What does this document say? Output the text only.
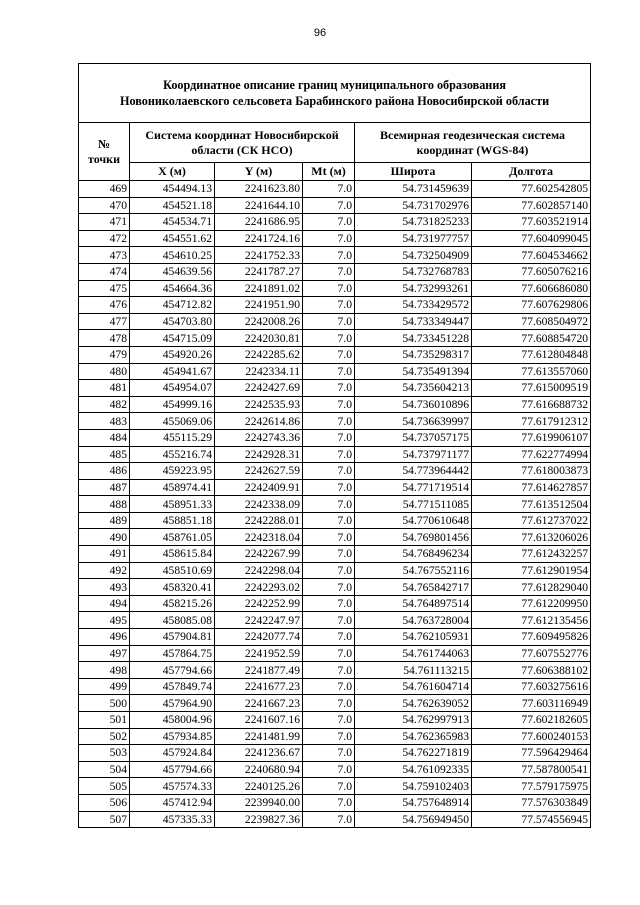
96
Координатное описание границ муниципального образования
Новониколаевского сельсовета Барабинского района Новосибирской области					

№ точки	Система координат Новосибирской области (СК НСО)			Всемирная геодезическая система координат (WGS-84)	
	X (м)	Y (м)	Mt (м)	Широта	Долгота
469	454494.13	2241623.80	7.0	54.731459639	77.602542805
470	454521.18	2241644.10	7.0	54.731702976	77.602857140
471	454534.71	2241686.95	7.0	54.731825233	77.603521914
472	454551.62	2241724.16	7.0	54.731977757	77.604099045
473	454610.25	2241752.33	7.0	54.732504909	77.604534662
474	454639.56	2241787.27	7.0	54.732768783	77.605076216
475	454664.36	2241891.02	7.0	54.732993261	77.606686080
476	454712.82	2241951.90	7.0	54.733429572	77.607629806
477	454703.80	2242008.26	7.0	54.733349447	77.608504972
478	454715.09	2242030.81	7.0	54.733451228	77.608854720
479	454920.26	2242285.62	7.0	54.735298317	77.612804848
480	454941.67	2242334.11	7.0	54.735491394	77.613557060
481	454954.07	2242427.69	7.0	54.735604213	77.615009519
482	454999.16	2242535.93	7.0	54.736010896	77.616688732
483	455069.06	2242614.86	7.0	54.736639997	77.617912312
484	455115.29	2242743.36	7.0	54.737057175	77.619906107
485	455216.74	2242928.31	7.0	54.737971177	77.622774994
486	459223.95	2242627.59	7.0	54.773964442	77.618003873
487	458974.41	2242409.91	7.0	54.771719514	77.614627857
488	458951.33	2242338.09	7.0	54.771511085	77.613512504
489	458851.18	2242288.01	7.0	54.770610648	77.612737022
490	458761.05	2242318.04	7.0	54.769801456	77.613206026
491	458615.84	2242267.99	7.0	54.768496234	77.612432257
492	458510.69	2242298.04	7.0	54.767552116	77.612901954
493	458320.41	2242293.02	7.0	54.765842717	77.612829040
494	458215.26	2242252.99	7.0	54.764897514	77.612209950
495	458085.08	2242247.97	7.0	54.763728004	77.612135456
496	457904.81	2242077.74	7.0	54.762105931	77.609495826
497	457864.75	2241952.59	7.0	54.761744063	77.607552776
498	457794.66	2241877.49	7.0	54.761113215	77.606388102
499	457849.74	2241677.23	7.0	54.761604714	77.603275616
500	457964.90	2241667.23	7.0	54.762639052	77.603116949
501	458004.96	2241607.16	7.0	54.762997913	77.602182605
502	457934.85	2241481.99	7.0	54.762365983	77.600240153
503	457924.84	2241236.67	7.0	54.762271819	77.596429464
504	457794.66	2240680.94	7.0	54.761092335	77.587800541
505	457574.33	2240125.26	7.0	54.759102403	77.579175975
506	457412.94	2239940.00	7.0	54.757648914	77.576303849
507	457335.33	2239827.36	7.0	54.756949450	77.574556945
